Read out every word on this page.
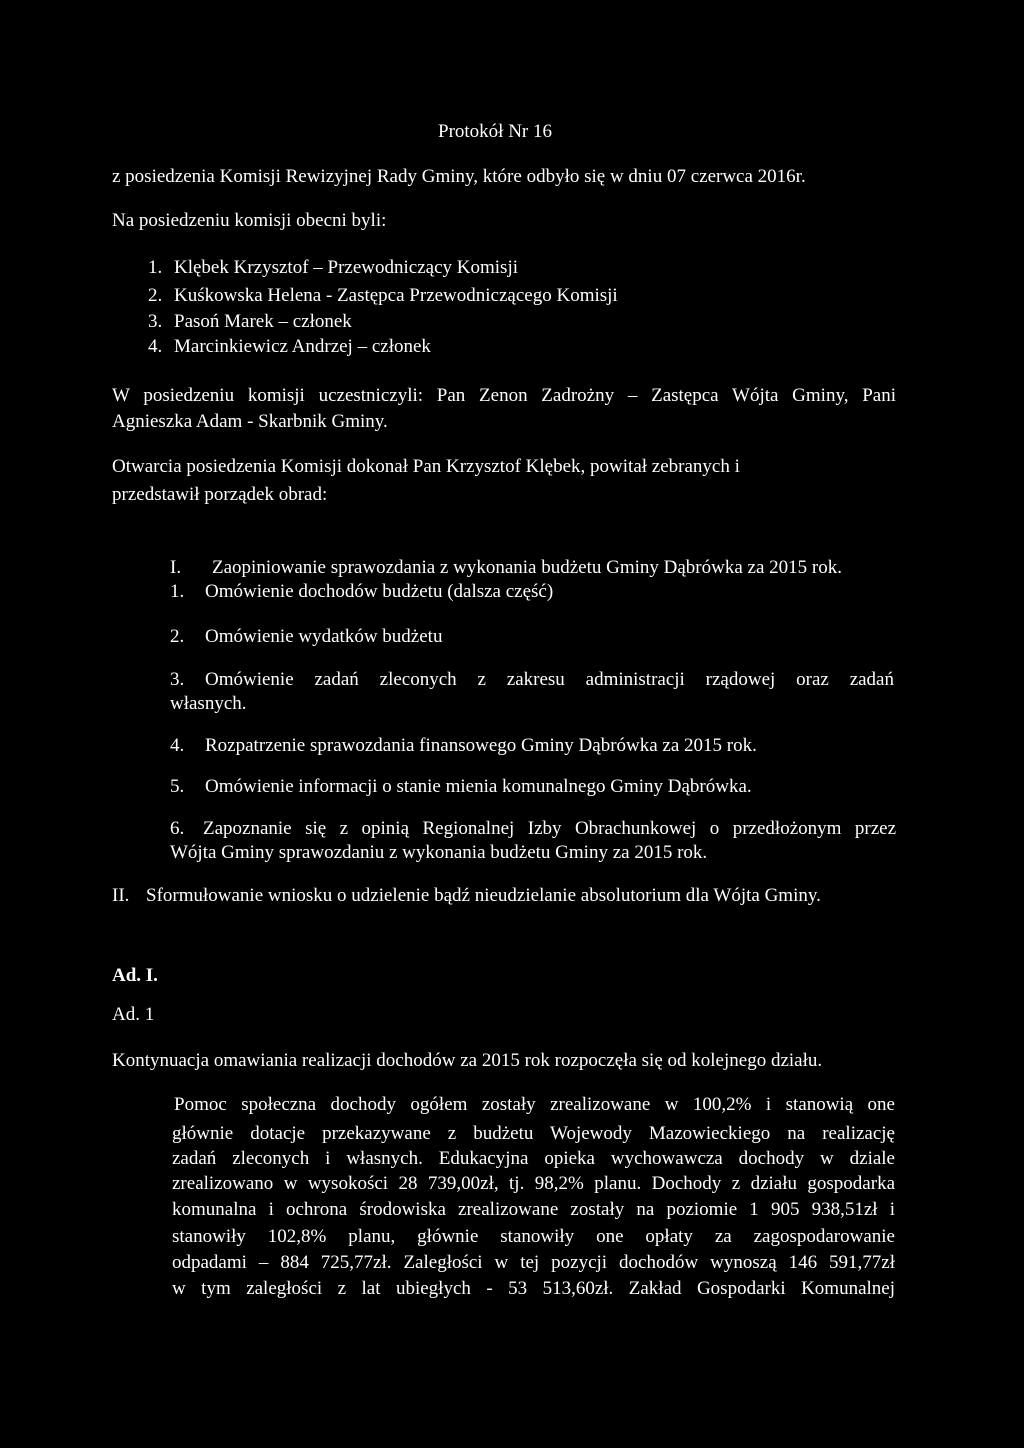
Protokół Nr 16
z posiedzenia Komisji Rewizyjnej Rady Gminy, które odbyło się w dniu 07 czerwca 2016r.
Na posiedzeniu komisji obecni byli:
1. Klębek Krzysztof – Przewodniczący Komisji
2. Kuśkowska Helena - Zastępca Przewodniczącego Komisji
3. Pasoń Marek – członek
4. Marcinkiewicz Andrzej – członek
W posiedzeniu komisji uczestniczyli: Pan Zenon Zadrożny – Zastępca Wójta Gminy, Pani
Agnieszka Adam - Skarbnik Gminy.
Otwarcia posiedzenia Komisji dokonał Pan Krzysztof Klębek, powitał zebranych i
przedstawił porządek obrad:
I. Zaopiniowanie sprawozdania z wykonania budżetu Gminy Dąbrówka za 2015 rok.
1. Omówienie dochodów budżetu (dalsza część)
2. Omówienie wydatków budżetu
3. Omówienie zadań zleconych z zakresu administracji rządowej oraz zadań
własnych.
4. Rozpatrzenie sprawozdania finansowego Gminy Dąbrówka za 2015 rok.
5. Omówienie informacji o stanie mienia komunalnego Gminy Dąbrówka.
6. Zapoznanie się z opinią Regionalnej Izby Obrachunkowej o przedłożonym przez
Wójta Gminy sprawozdaniu z wykonania budżetu Gminy za 2015 rok.
II. Sformułowanie wniosku o udzielenie bądź nieudzielanie absolutorium dla Wójta Gminy.
Ad. I.
Ad. 1
Kontynuacja omawiania realizacji dochodów za 2015 rok rozpoczęła się od kolejnego działu.
Pomoc społeczna dochody ogółem zostały zrealizowane w 100,2% i stanowią one
głównie dotacje przekazywane z budżetu Wojewody Mazowieckiego na realizację
zadań zleconych i własnych. Edukacyjna opieka wychowawcza dochody w dziale
zrealizowano w wysokości 28 739,00zł, tj. 98,2% planu. Dochody z działu gospodarka
komunalna i ochrona środowiska zrealizowane zostały na poziomie 1 905 938,51zł i
stanowiły 102,8% planu, głównie stanowiły one opłaty za zagospodarowanie
odpadami – 884 725,77zł. Zaległości w tej pozycji dochodów wynoszą 146 591,77zł
w tym zaległości z lat ubiegłych - 53 513,60zł. Zakład Gospodarki Komunalnej
